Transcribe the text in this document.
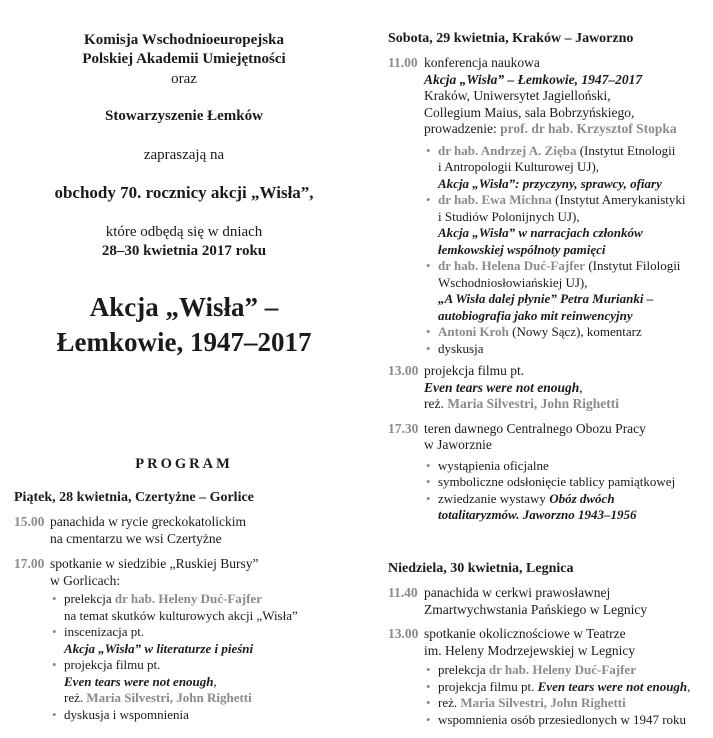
Komisja Wschodnioeuropejska
Polskiej Akademii Umiejętności
oraz
Stowarzyszenie Łemków
zapraszają na
obchody 70. rocznicy akcji „Wisła”,
które odbędą się w dniach
28–30 kwietnia 2017 roku
Akcja „Wisła” –
Łemkowie, 1947–2017
PROGRAM
Piątek, 28 kwietnia, Czertyżne – Gorlice
15.00 panachida w rycie greckokatolickim
na cmentarzu we wsi Czertyżne
17.00 spotkanie w siedzibie „Ruskiej Bursy”
w Gorlicach:
• prelekcja dr hab. Heleny Duć-Fajfer
na temat skutków kulturowych akcji „Wisła”
• inscenizacja pt.
Akcja „Wisła” w literaturze i pieśni
• projekcja filmu pt.
Even tears were not enough,
reż. Maria Silvestri, John Righetti
• dyskusja i wspomnienia
Sobota, 29 kwietnia, Kraków – Jaworzno
11.00 konferencja naukowa
Akcja „Wisła” – Łemkowie, 1947–2017
Kraków, Uniwersytet Jagielloński,
Collegium Maius, sala Bobrzyńskiego,
prowadzenie: prof. dr hab. Krzysztof Stopka
• dr hab. Andrzej A. Zięba (Instytut Etnologii
i Antropologii Kulturowej UJ),
Akcja „Wisła”: przyczyny, sprawcy, ofiary
• dr hab. Ewa Michna (Instytut Amerykanistyki
i Studiów Polonijnych UJ),
Akcja „Wisła” w narracjach członków
łemkowskiej wspólnoty pamięci
• dr hab. Helena Duć-Fajfer (Instytut Filologii
Wschodniosłowiańskiej UJ),
„A Wisła dalej płynie” Petra Murianki –
autobiografia jako mit reinwencyjny
• Antoni Kroh (Nowy Sącz), komentarz
• dyskusja
13.00 projekcja filmu pt.
Even tears were not enough,
reż. Maria Silvestri, John Righetti
17.30 teren dawnego Centralnego Obozu Pracy
w Jaworznie
• wystąpienia oficjalne
• symboliczne odsłonięcie tablicy pamiątkowej
• zwiedzanie wystawy Obóz dwóch
totalitaryzmów. Jaworzno 1943–1956
Niedziela, 30 kwietnia, Legnica
11.40 panachida w cerkwi prawosławnej
Zmartwychwstania Pańskiego w Legnicy
13.00 spotkanie okolicznościowe w Teatrze
im. Heleny Modrzejewskiej w Legnicy
• prelekcja dr hab. Heleny Duć-Fajfer
• projekcja filmu pt. Even tears were not enough,
• reż. Maria Silvestri, John Righetti
• wspomnienia osób przesiedlonych w 1947 roku
